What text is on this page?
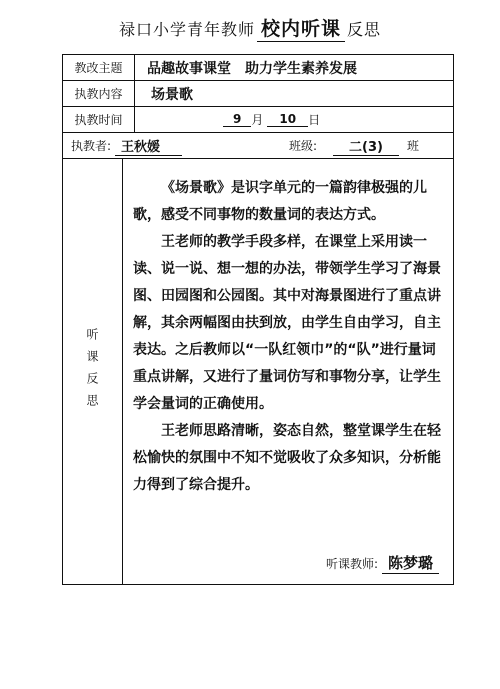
禄口小学青年教师 校内听课 反思
教改主题	品趣故事课堂　助力学生素养发展
执教内容	场景歌
执教时间	9 月	10	日
执教者: 王秋媛	班级:	二(3)	班
听课反思

《场景歌》是识字单元的一篇韵律极强的儿歌，感受不同事物的数量词的表达方式。

王老师的教学手段多样，在课堂上采用读一读、说一说、想一想的办法，带领学生学习了海景图、田园图和公园图。其中对海景图进行了重点讲解，其余两幅图由扶到放，由学生自由学习，自主表达。之后教师以“一队红领巾”的“队”进行量词重点讲解，又进行了量词仿写和事物分享，让学生学会量词的正确使用。

王老师思路清晰，姿态自然，整堂课学生在轻松愉快的氛围中不知不觉吸收了众多知识，分析能力得到了综合提升。

听课教师: 陈梦璐
